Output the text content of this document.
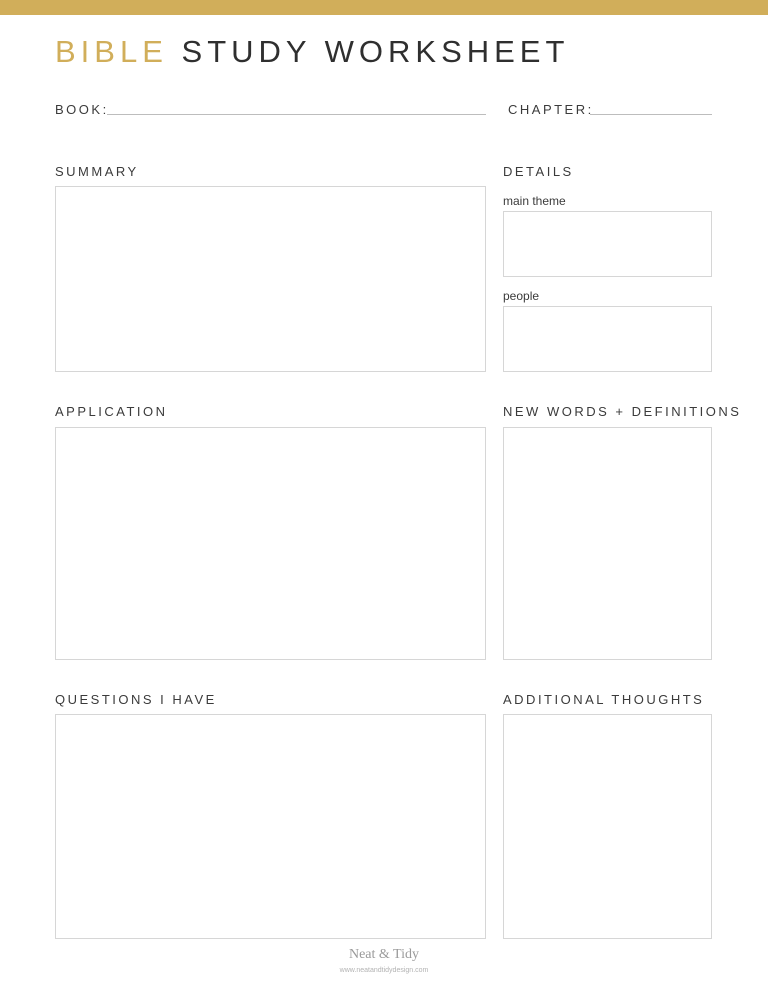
BIBLE STUDY WORKSHEET
BOOK:	CHAPTER:
SUMMARY	DETAILS
main theme
people
APPLICATION	NEW WORDS + DEFINITIONS
QUESTIONS I HAVE	ADDITIONAL THOUGHTS
Neat & Tidy
www.neatandtidydesign.com
